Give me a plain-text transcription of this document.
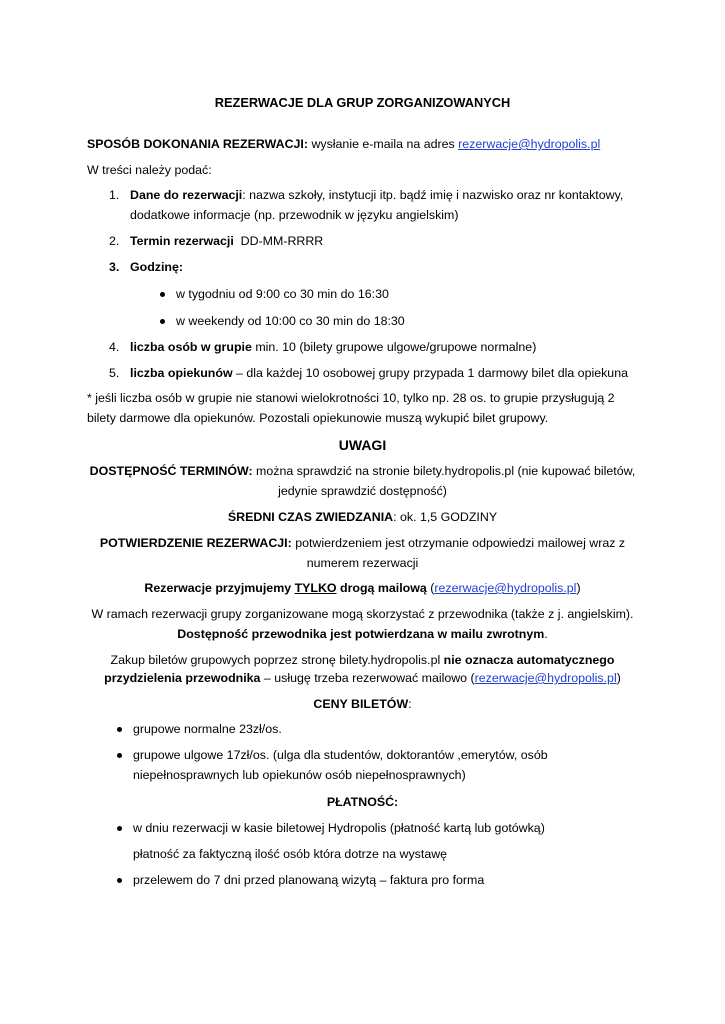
REZERWACJE DLA GRUP ZORGANIZOWANYCH
SPOSÓB DOKONANIA REZERWACJI: wysłanie e-maila na adres rezerwacje@hydropolis.pl
W treści należy podać:
1. Dane do rezerwacji: nazwa szkoły, instytucji itp. bądź imię i nazwisko oraz nr kontaktowy,
dodatkowe informacje (np. przewodnik w języku angielskim)
2. Termin rezerwacji DD-MM-RRRR
3. Godzinę:
w tygodniu od 9:00 co 30 min do 16:30
w weekendy od 10:00 co 30 min do 18:30
4. liczba osób w grupie min. 10 (bilety grupowe ulgowe/grupowe normalne)
5. liczba opiekunów – dla każdej 10 osobowej grupy przypada 1 darmowy bilet dla opiekuna
* jeśli liczba osób w grupie nie stanowi wielokrotności 10, tylko np. 28 os. to grupie przysługują 2
bilety darmowe dla opiekunów. Pozostali opiekunowie muszą wykupić bilet grupowy.
UWAGI
DOSTĘPNOŚĆ TERMINÓW: można sprawdzić na stronie bilety.hydropolis.pl (nie kupować biletów,
jedynie sprawdzić dostępność)
ŚREDNI CZAS ZWIEDZANIA: ok. 1,5 GODZINY
POTWIERDZENIE REZERWACJI: potwierdzeniem jest otrzymanie odpowiedzi mailowej wraz z
numerem rezerwacji
Rezerwacje przyjmujemy TYLKO drogą mailową (rezerwacje@hydropolis.pl)
W ramach rezerwacji grupy zorganizowane mogą skorzystać z przewodnika (także z j. angielskim).
Dostępność przewodnika jest potwierdzana w mailu zwrotnym.
Zakup biletów grupowych poprzez stronę bilety.hydropolis.pl nie oznacza automatycznego
przydzielenia przewodnika – usługę trzeba rezerwować mailowo (rezerwacje@hydropolis.pl)
CENY BILETÓW:
grupowe normalne 23zł/os.
grupowe ulgowe 17zł/os. (ulga dla studentów, doktorantów ,emerytów, osób
niepełnosprawnych lub opiekunów osób niepełnosprawnych)
PŁATNOŚĆ:
w dniu rezerwacji w kasie biletowej Hydropolis (płatność kartą lub gotówką)
płatność za faktyczną ilość osób która dotrze na wystawę
przelewem do 7 dni przed planowaną wizytą – faktura pro forma
